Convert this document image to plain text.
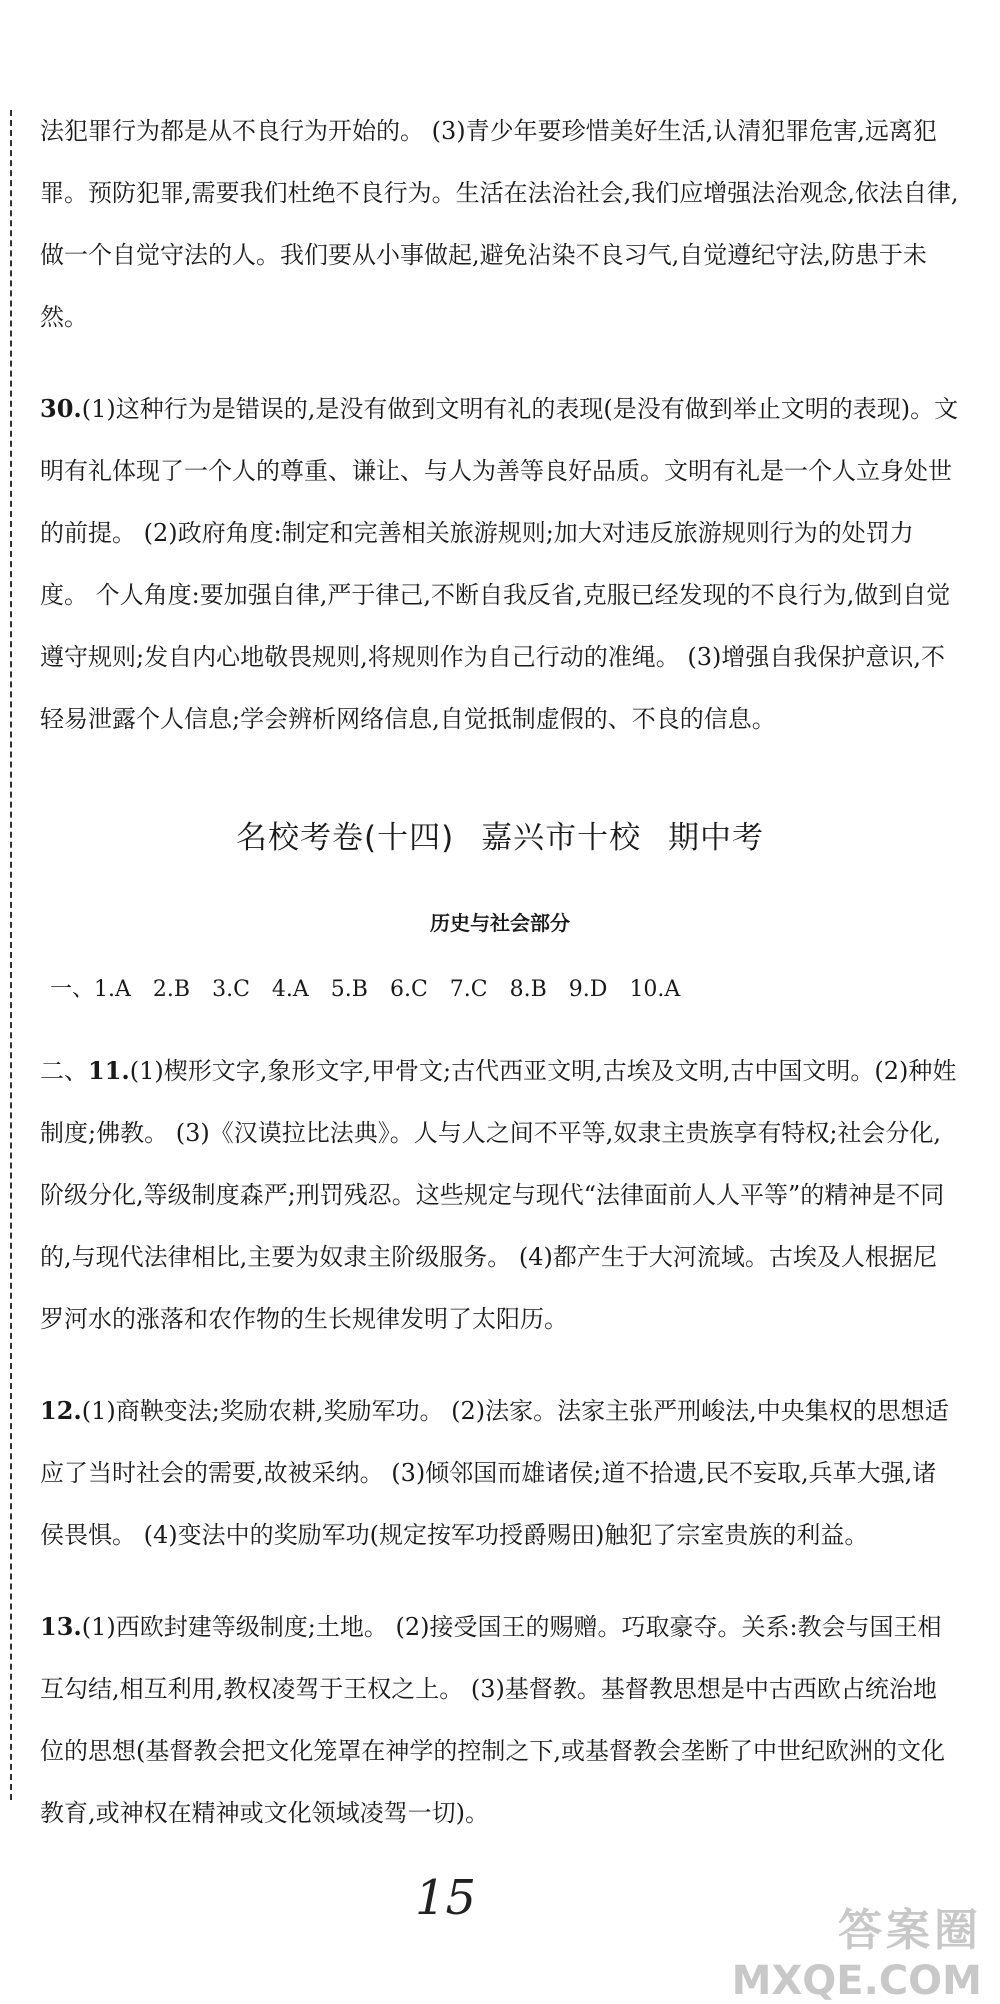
法犯罪行为都是从不良行为开始的。 (3)青少年要珍惜美好生活,认清犯罪危害,远离犯罪。预防犯罪,需要我们杜绝不良行为。生活在法治社会,我们应增强法治观念,依法自律,做一个自觉守法的人。我们要从小事做起,避免沾染不良习气,自觉遵纪守法,防患于未然。

30.(1)这种行为是错误的,是没有做到文明有礼的表现(是没有做到举止文明的表现)。文明有礼体现了一个人的尊重、谦让、与人为善等良好品质。文明有礼是一个人立身处世的前提。 (2)政府角度:制定和完善相关旅游规则;加大对违反旅游规则行为的处罚力度。 个人角度:要加强自律,严于律己,不断自我反省,克服已经发现的不良行为,做到自觉遵守规则;发自内心地敬畏规则,将规则作为自己行动的准绳。 (3)增强自我保护意识,不轻易泄露个人信息;学会辨析网络信息,自觉抵制虚假的、不良的信息。

名校考卷(十四) 嘉兴市十校 期中考
历史与社会部分
一、1.A 2.B 3.C 4.A 5.B 6.C 7.C 8.B 9.D 10.A

二、11.(1)楔形文字,象形文字,甲骨文;古代西亚文明,古埃及文明,古中国文明。(2)种姓制度;佛教。 (3)《汉谟拉比法典》。人与人之间不平等,奴隶主贵族享有特权;社会分化,阶级分化,等级制度森严;刑罚残忍。这些规定与现代“法律面前人人平等”的精神是不同的,与现代法律相比,主要为奴隶主阶级服务。 (4)都产生于大河流域。古埃及人根据尼罗河水的涨落和农作物的生长规律发明了太阳历。

12.(1)商鞅变法;奖励农耕,奖励军功。 (2)法家。法家主张严刑峻法,中央集权的思想适应了当时社会的需要,故被采纳。 (3)倾邻国而雄诸侯;道不拾遗,民不妄取,兵革大强,诸侯畏惧。 (4)变法中的奖励军功(规定按军功授爵赐田)触犯了宗室贵族的利益。

13.(1)西欧封建等级制度;土地。 (2)接受国王的赐赠。巧取豪夺。关系:教会与国王相互勾结,相互利用,教权凌驾于王权之上。 (3)基督教。基督教思想是中古西欧占统治地位的思想(基督教会把文化笼罩在神学的控制之下,或基督教会垄断了中世纪欧洲的文化教育,或神权在精神或文化领域凌驾一切)。

15
答案圈
MXQE.COM
